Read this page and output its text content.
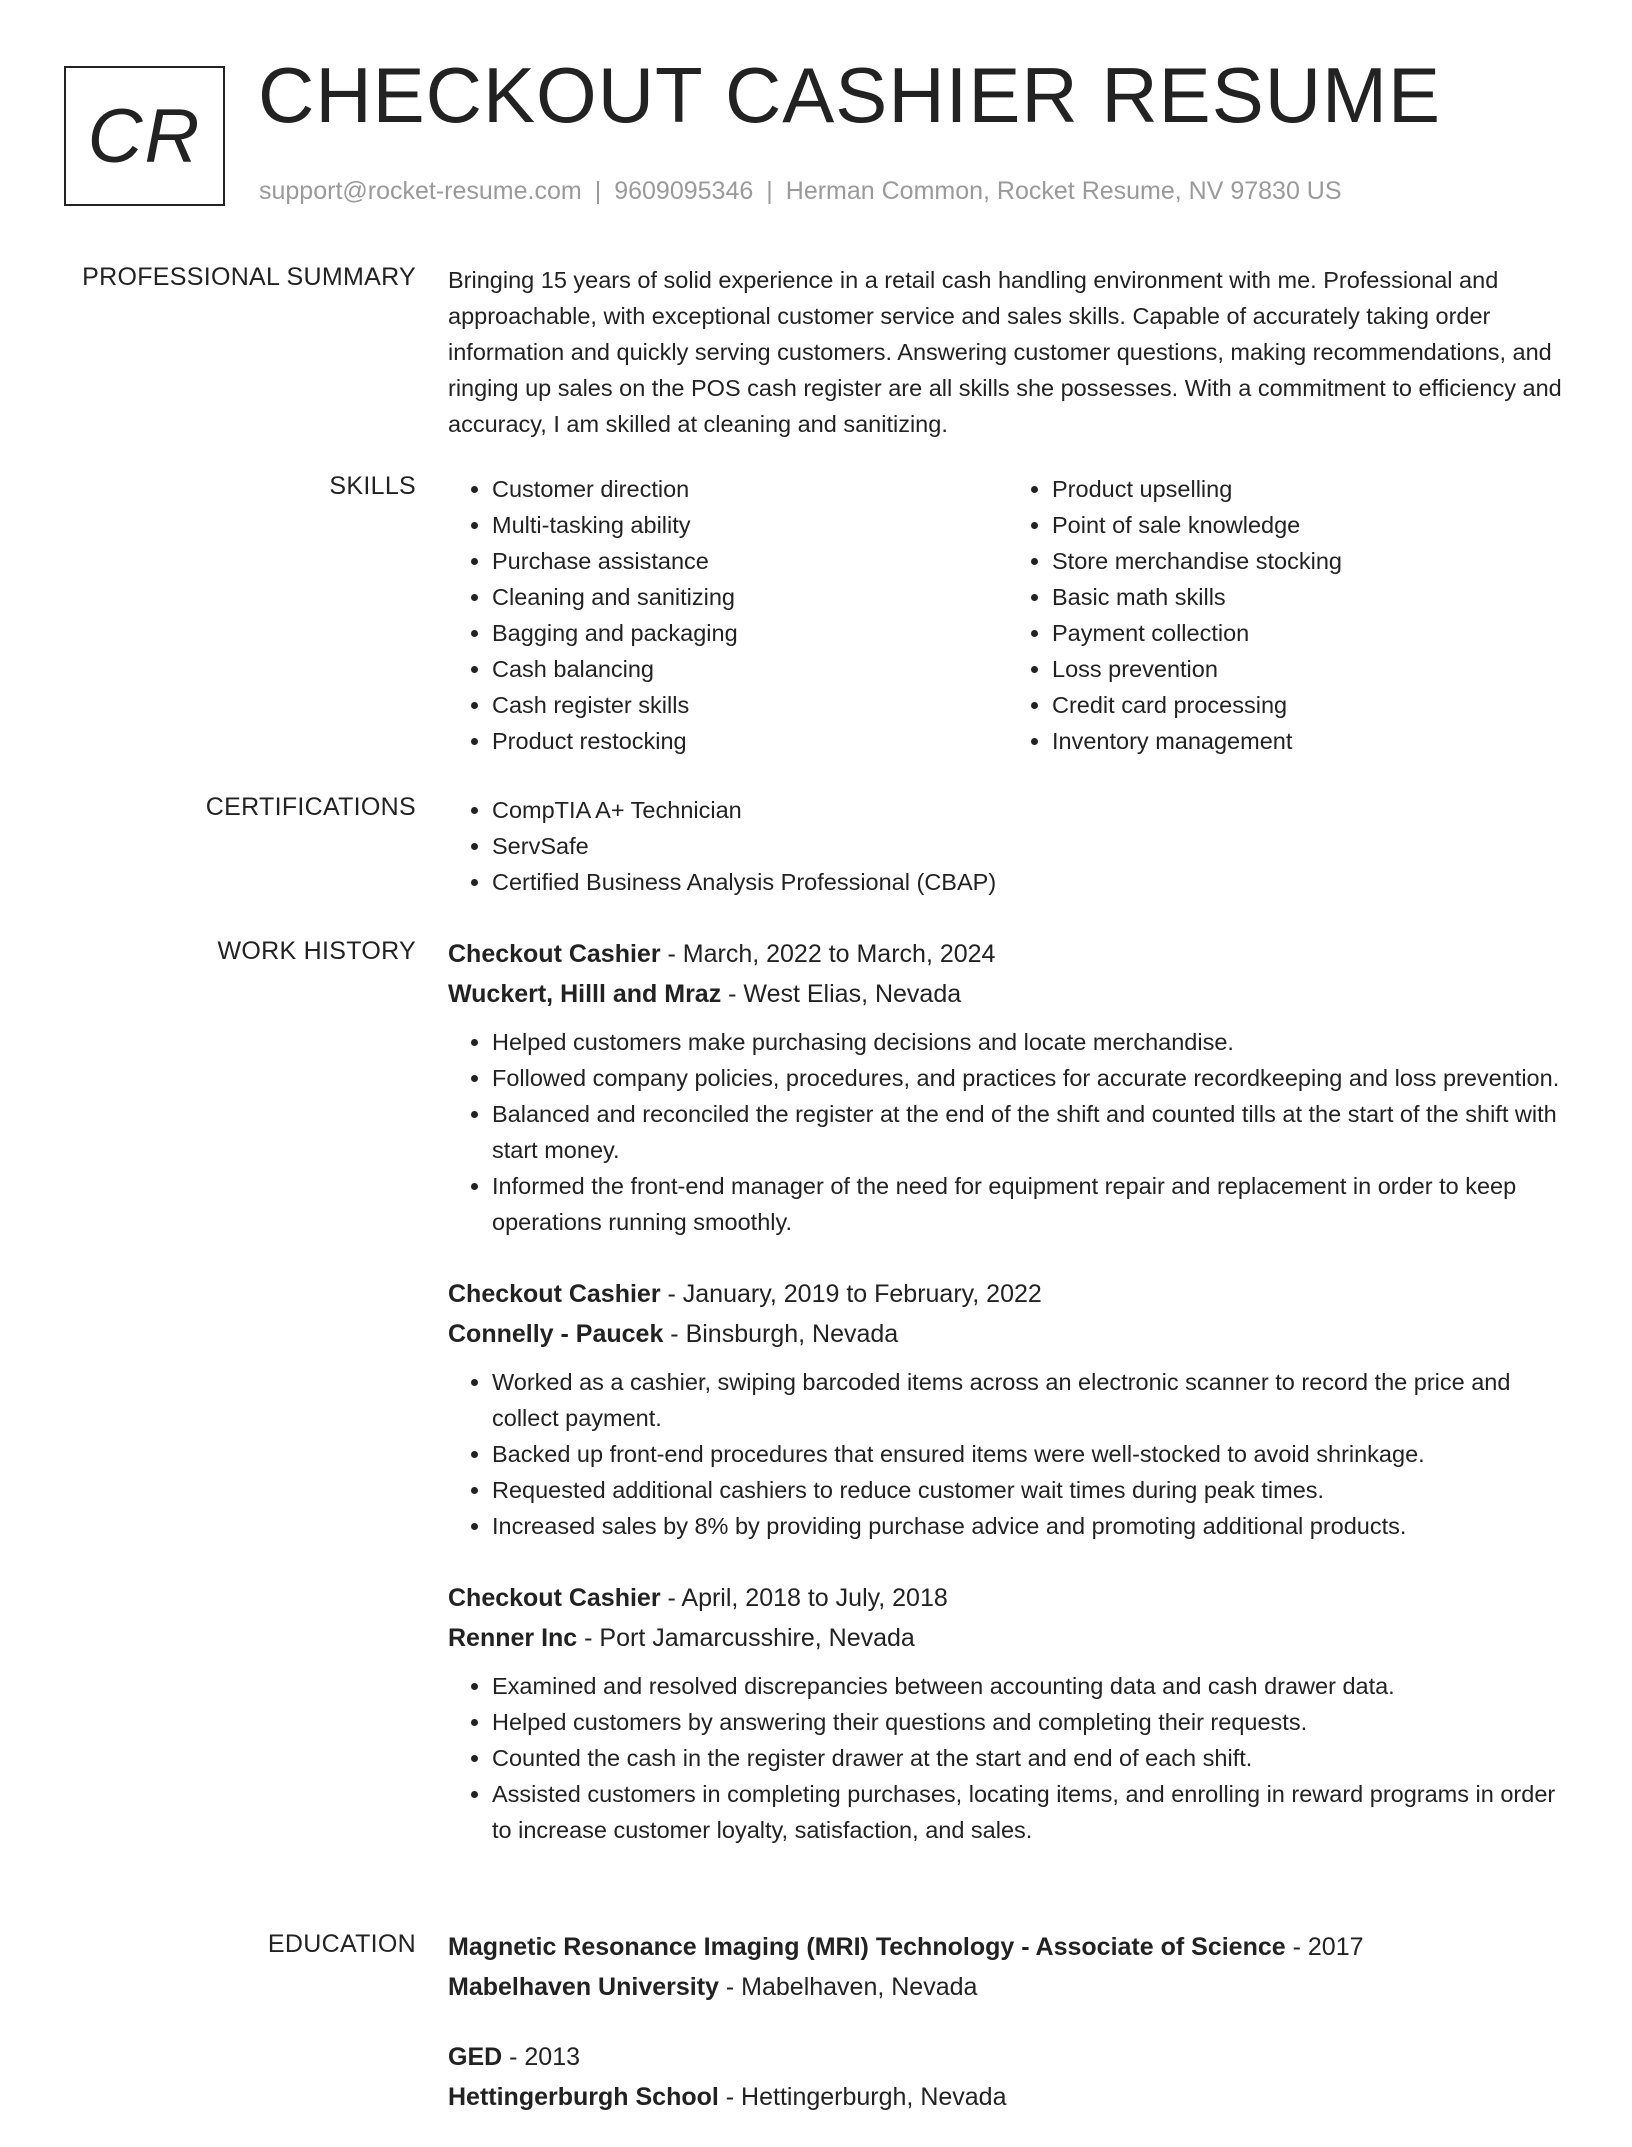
CR CHECKOUT CASHIER RESUME
support@rocket-resume.com | 9609095346 | Herman Common, Rocket Resume, NV 97830 US
PROFESSIONAL SUMMARY Bringing 15 years of solid experience in a retail cash handling environment with me. Professional and approachable, with exceptional customer service and sales skills. Capable of accurately taking order information and quickly serving customers. Answering customer questions, making recommendations, and ringing up sales on the POS cash register are all skills she possesses. With a commitment to efficiency and accuracy, I am skilled at cleaning and sanitizing.

SKILLS	• Customer direction
• Multi-tasking ability
• Purchase assistance
• Cleaning and sanitizing
• Bagging and packaging
• Cash balancing
• Cash register skills
• Product restocking
• Product upselling
• Point of sale knowledge
• Store merchandise stocking
• Basic math skills
• Payment collection
• Loss prevention
• Credit card processing
• Inventory management
CERTIFICATIONS	• CompTIA A+ Technician
• ServSafe
• Certified Business Analysis Professional (CBAP)
WORK HISTORY Checkout Cashier - March, 2022 to March, 2024
Wuckert, Hilll and Mraz - West Elias, Nevada
• Helped customers make purchasing decisions and locate merchandise.
• Followed company policies, procedures, and practices for accurate recordkeeping and loss prevention.
• Balanced and reconciled the register at the end of the shift and counted tills at the start of the shift with start money.
• Informed the front-end manager of the need for equipment repair and replacement in order to keep operations running smoothly.
Checkout Cashier - January, 2019 to February, 2022
Connelly - Paucek - Binsburgh, Nevada
• Worked as a cashier, swiping barcoded items across an electronic scanner to record the price and collect payment.
• Backed up front-end procedures that ensured items were well-stocked to avoid shrinkage.
• Requested additional cashiers to reduce customer wait times during peak times.
• Increased sales by 8% by providing purchase advice and promoting additional products.
Checkout Cashier - April, 2018 to July, 2018
Renner Inc - Port Jamarcusshire, Nevada
• Examined and resolved discrepancies between accounting data and cash drawer data.
• Helped customers by answering their questions and completing their requests.
• Counted the cash in the register drawer at the start and end of each shift.
• Assisted customers in completing purchases, locating items, and enrolling in reward programs in order to increase customer loyalty, satisfaction, and sales.
EDUCATION Magnetic Resonance Imaging (MRI) Technology - Associate of Science - 2017
Mabelhaven University - Mabelhaven, Nevada
GED - 2013
Hettingerburgh School - Hettingerburgh, Nevada
